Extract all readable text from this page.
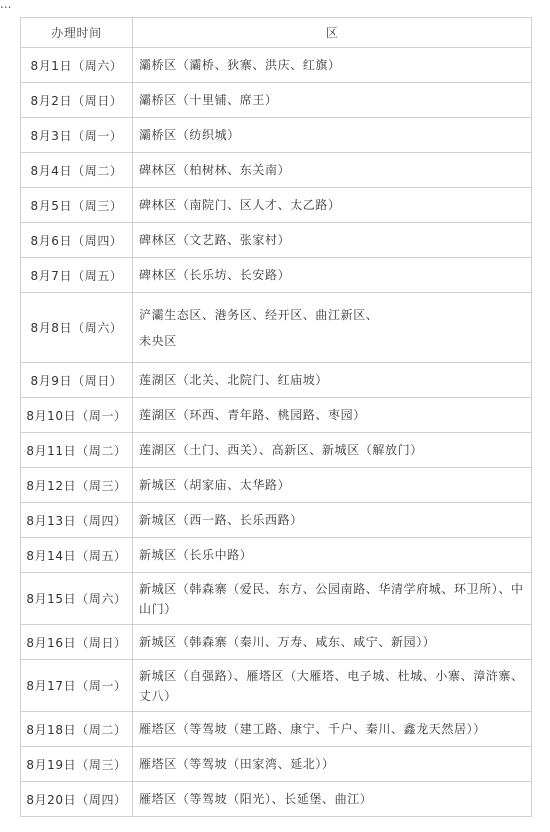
...
办理时间	区
8月1日（周六）	灞桥区（灞桥、狄寨、洪庆、红旗）
8月2日（周日）	灞桥区（十里铺、席王）
8月3日（周一）	灞桥区（纺织城）
8月4日（周二）	碑林区（柏树林、东关南）
8月5日（周三）	碑林区（南院门、区人才、太乙路）
8月6日（周四）	碑林区（文艺路、张家村）
8月7日（周五）	碑林区（长乐坊、长安路）
8月8日（周六）	浐灞生态区、港务区、经开区、曲江新区、
未央区

8月9日（周日）	莲湖区（北关、北院门、红庙坡）
8月10日（周一）	莲湖区（环西、青年路、桃园路、枣园）
8月11日（周二）	莲湖区（土门、西关）、高新区、新城区（解放门）
8月12日（周三）	新城区（胡家庙、太华路）
8月13日（周四）	新城区（西一路、长乐西路）
8月14日（周五）	新城区（长乐中路）
8月15日（周六）	新城区（韩森寨（爱民、东方、公园南路、华清学府城、环卫所）、中山门）
8月16日（周日）	新城区（韩森寨（秦川、万寿、咸东、咸宁、新园））
8月17日（周一）	新城区（自强路）、雁塔区（大雁塔、电子城、杜城、小寨、漳浒寨、丈八）
8月18日（周二）	雁塔区（等驾坡（建工路、康宁、千户、秦川、鑫龙天然居））
8月19日（周三）	雁塔区（等驾坡（田家湾、延北））
8月20日（周四）	雁塔区（等驾坡（阳光）、长延堡、曲江）
